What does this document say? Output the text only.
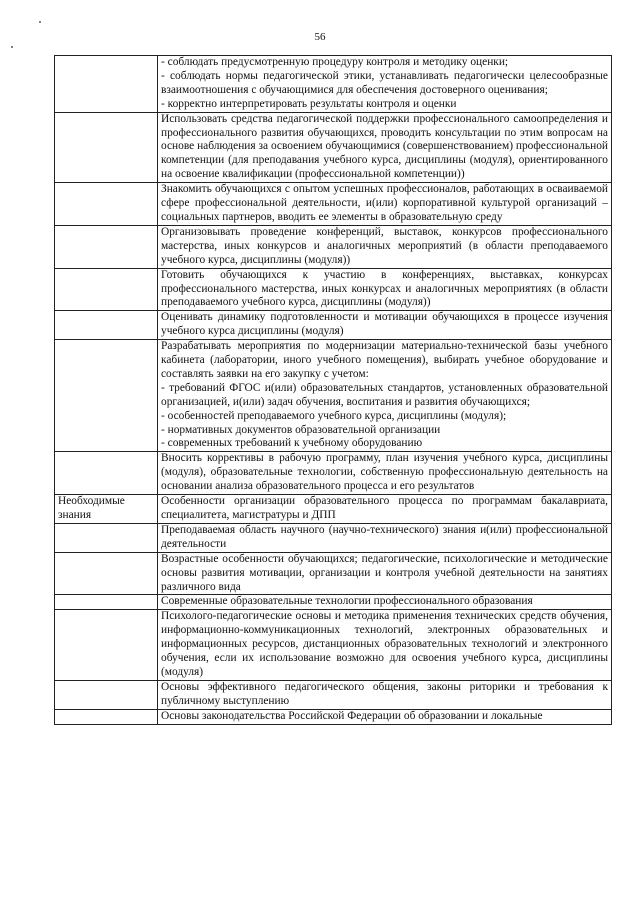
56

	- соблюдать предусмотренную процедуру контроля и методику оценки;

- соблюдать нормы педагогической этики, устанавливать педагогически целесообразные взаимоотношения с обучающимися для обеспечения достоверного оценивания;

- корректно интерпретировать результаты контроля и оценки

	Использовать средства педагогической поддержки профессионального самоопределения и профессионального развития обучающихся, проводить консультации по этим вопросам на основе наблюдения за освоением обучающимися (совершенствованием) профессиональной компетенции (для преподавания учебного курса, дисциплины (модуля), ориентированного на освоение квалификации (профессиональной компетенции))

	Знакомить обучающихся с опытом успешных профессионалов, работающих в осваиваемой сфере профессиональной деятельности, и(или) корпоративной культурой организаций – социальных партнеров, вводить ее элементы в образовательную среду

	Организовывать проведение конференций, выставок, конкурсов профессионального мастерства, иных конкурсов и аналогичных мероприятий (в области преподаваемого учебного курса, дисциплины (модуля))

	Готовить обучающихся к участию в конференциях, выставках, конкурсах профессионального мастерства, иных конкурсах и аналогичных мероприятиях (в области преподаваемого учебного курса, дисциплины (модуля))

	Оценивать динамику подготовленности и мотивации обучающихся в процессе изучения учебного курса дисциплины (модуля)

	Разрабатывать мероприятия по модернизации материально-технической базы учебного кабинета (лаборатории, иного учебного помещения), выбирать учебное оборудование и составлять заявки на его закупку с учетом:

- требований ФГОС и(или) образовательных стандартов, установленных образовательной организацией, и(или) задач обучения, воспитания и развития обучающихся;

- особенностей преподаваемого учебного курса, дисциплины (модуля);

- нормативных документов образовательной организации

- современных требований к учебному оборудованию

	Вносить коррективы в рабочую программу, план изучения учебного курса, дисциплины (модуля), образовательные технологии, собственную профессиональную деятельность на основании анализа образовательного процесса и его результатов

Необходимые знания	Особенности организации образовательного процесса по программам бакалавриата, специалитета, магистратуры и ДПП

	Преподаваемая область научного (научно-технического) знания и(или) профессиональной деятельности

	Возрастные особенности обучающихся; педагогические, психологические и методические основы развития мотивации, организации и контроля учебной деятельности на занятиях различного вида

	Современные образовательные технологии профессионального образования

	Психолого-педагогические основы и методика применения технических средств обучения, информационно-коммуникационных технологий, электронных образовательных и информационных ресурсов, дистанционных образовательных технологий и электронного обучения, если их использование возможно для освоения учебного курса, дисциплины (модуля)

	Основы эффективного педагогического общения, законы риторики и требования к публичному выступлению

	Основы законодательства Российской Федерации об образовании и локальные
